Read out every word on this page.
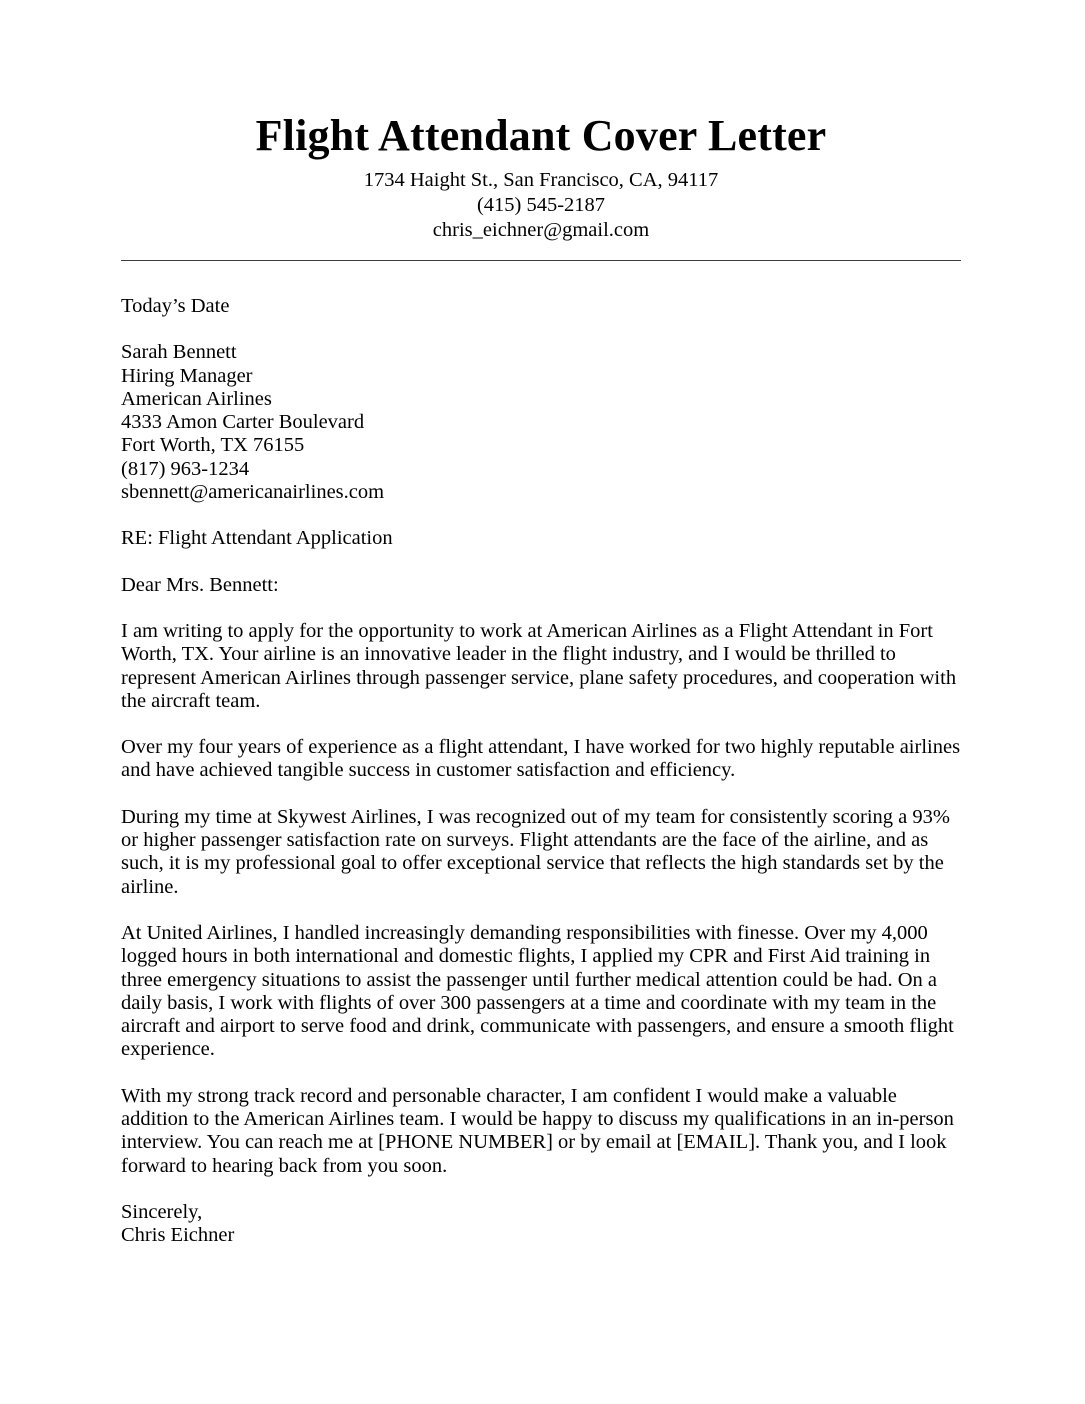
Flight Attendant Cover Letter

1734 Haight St., San Francisco, CA, 94117

(415) 545-2187

chris_eichner@gmail.com

Today’s Date
Sarah Bennett
Hiring Manager
American Airlines
4333 Amon Carter Boulevard
Fort Worth, TX 76155
(817) 963-1234
sbennett@americanairlines.com

RE: Flight Attendant Application

Dear Mrs. Bennett:

I am writing to apply for the opportunity to work at American Airlines as a Flight Attendant in Fort Worth, TX. Your airline is an innovative leader in the flight industry, and I would be thrilled to represent American Airlines through passenger service, plane safety procedures, and cooperation with the aircraft team.

Over my four years of experience as a flight attendant, I have worked for two highly reputable airlines and have achieved tangible success in customer satisfaction and efficiency.

During my time at Skywest Airlines, I was recognized out of my team for consistently scoring a 93% or higher passenger satisfaction rate on surveys. Flight attendants are the face of the airline, and as such, it is my professional goal to offer exceptional service that reflects the high standards set by the airline.

At United Airlines, I handled increasingly demanding responsibilities with finesse. Over my 4,000 logged hours in both international and domestic flights, I applied my CPR and First Aid training in three emergency situations to assist the passenger until further medical attention could be had. On a daily basis, I work with flights of over 300 passengers at a time and coordinate with my team in the aircraft and airport to serve food and drink, communicate with passengers, and ensure a smooth flight experience.

With my strong track record and personable character, I am confident I would make a valuable addition to the American Airlines team. I would be happy to discuss my qualifications in an in-person interview. You can reach me at [PHONE NUMBER] or by email at [EMAIL]. Thank you, and I look forward to hearing back from you soon.

Sincerely,
Chris Eichner
